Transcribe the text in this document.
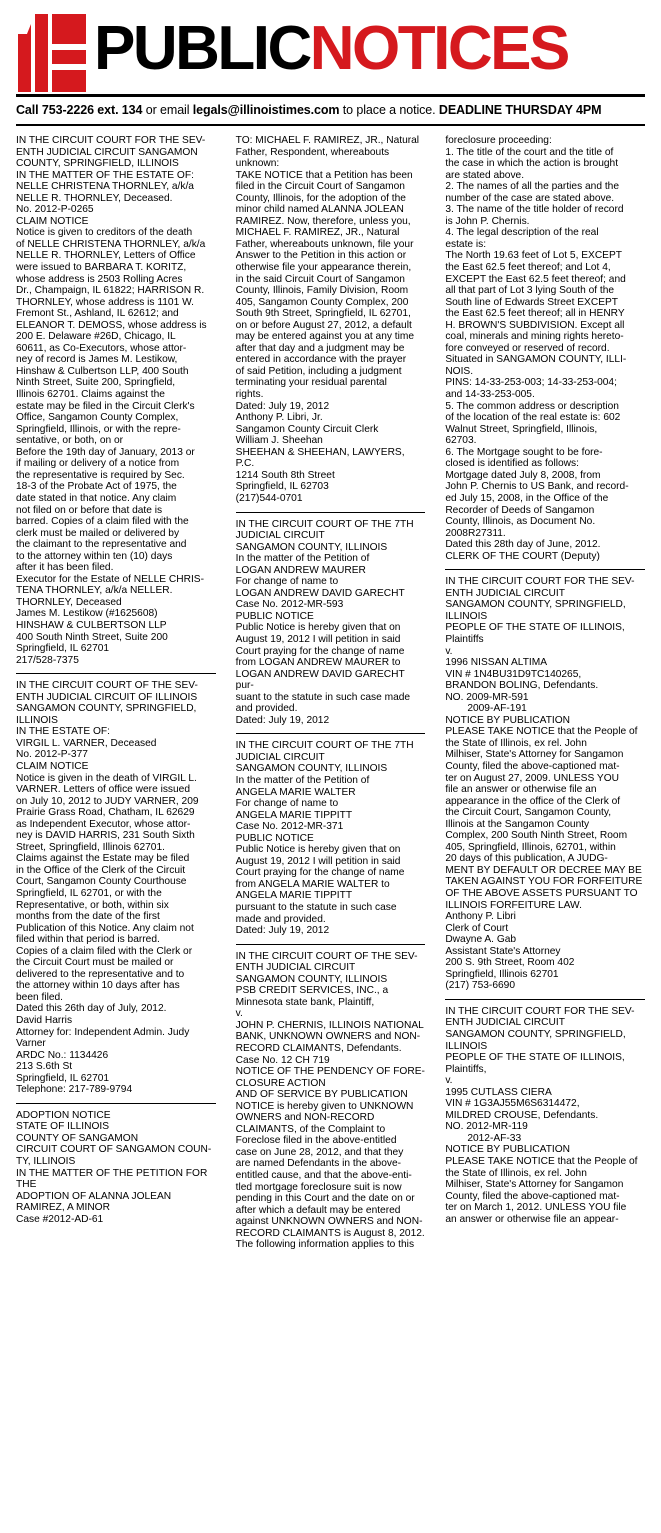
PUBLICNOTICES
Call 753-2226 ext. 134 or email legals@illinoistimes.com to place a notice. DEADLINE THURSDAY 4PM

IN THE CIRCUIT COURT FOR THE SEV-

ENTH JUDICIAL CIRCUIT SANGAMON

COUNTY, SPRINGFIELD, ILLINOIS

IN THE MATTER OF THE ESTATE OF:

NELLE CHRISTENA THORNLEY, a/k/a

NELLE R. THORNLEY, Deceased.

No. 2012-P-0265

CLAIM NOTICE

Notice is given to creditors of the death

of NELLE CHRISTENA THORNLEY, a/k/a

NELLE R. THORNLEY, Letters of Office

were issued to BARBARA T. KORITZ,

whose address is 2503 Rolling Acres

Dr., Champaign, IL 61822; HARRISON R.

THORNLEY, whose address is 1101 W.

Fremont St., Ashland, IL 62612; and

ELEANOR T. DEMOSS, whose address is

200 E. Delaware #26D, Chicago, IL

60611, as Co-Executors, whose attor-

ney of record is James M. Lestikow,

Hinshaw & Culbertson LLP, 400 South

Ninth Street, Suite 200, Springfield,

Illinois 62701. Claims against the

estate may be filed in the Circuit Clerk's

Office, Sangamon County Complex,

Springfield, Illinois, or with the repre-

sentative, or both, on or

Before the 19th day of January, 2013 or

if mailing or delivery of a notice from

the representative is required by Sec.

18-3 of the Probate Act of 1975, the

date stated in that notice. Any claim

not filed on or before that date is

barred. Copies of a claim filed with the

clerk must be mailed or delivered by

the claimant to the representative and

to the attorney within ten (10) days

after it has been filed.

Executor for the Estate of NELLE CHRIS-

TENA THORNLEY, a/k/a NELLER.

THORNLEY, Deceased

James M. Lestikow (#1625608)

HINSHAW & CULBERTSON LLP

400 South Ninth Street, Suite 200

Springfield, IL 62701

217/528-7375

IN THE CIRCUIT COURT OF THE SEV-

ENTH JUDICIAL CIRCUIT OF ILLINOIS

SANGAMON COUNTY, SPRINGFIELD,

ILLINOIS

IN THE ESTATE OF:

VIRGIL L. VARNER, Deceased

No. 2012-P-377

CLAIM NOTICE

Notice is given in the death of VIRGIL L.

VARNER. Letters of office were issued

on July 10, 2012 to JUDY VARNER, 209

Prairie Grass Road, Chatham, IL 62629

as Independent Executor, whose attor-

ney is DAVID HARRIS, 231 South Sixth

Street, Springfield, Illinois 62701.

Claims against the Estate may be filed

in the Office of the Clerk of the Circuit

Court, Sangamon County Courthouse

Springfield, IL 62701, or with the

Representative, or both, within six

months from the date of the first

Publication of this Notice. Any claim not

filed within that period is barred.

Copies of a claim filed with the Clerk or

the Circuit Court must be mailed or

delivered to the representative and to

the attorney within 10 days after has

been filed.

Dated this 26th day of July, 2012.

David Harris

Attorney for: Independent Admin. Judy

Varner

ARDC No.: 1134426

213 S.6th St

Springfield, IL 62701

Telephone: 217-789-9794

ADOPTION NOTICE

STATE OF ILLINOIS

COUNTY OF SANGAMON

CIRCUIT COURT OF SANGAMON COUN-

TY, ILLINOIS

IN THE MATTER OF THE PETITION FOR

THE

ADOPTION OF ALANNA JOLEAN

RAMIREZ, A MINOR

Case #2012-AD-61

TO: MICHAEL F. RAMIREZ, JR., Natural

Father, Respondent, whereabouts

unknown:

TAKE NOTICE that a Petition has been

filed in the Circuit Court of Sangamon

County, Illinois, for the adoption of the

minor child named ALANNA JOLEAN

RAMIREZ. Now, therefore, unless you,

MICHAEL F. RAMIREZ, JR., Natural

Father, whereabouts unknown, file your

Answer to the Petition in this action or

otherwise file your appearance therein,

in the said Circuit Court of Sangamon

County, Illinois, Family Division, Room

405, Sangamon County Complex, 200

South 9th Street, Springfield, IL 62701,

on or before August 27, 2012, a default

may be entered against you at any time

after that day and a judgment may be

entered in accordance with the prayer

of said Petition, including a judgment

terminating your residual parental

rights.

Dated: July 19, 2012

Anthony P. Libri, Jr.

Sangamon County Circuit Clerk

William J. Sheehan

SHEEHAN & SHEEHAN, LAWYERS, P.C.

1214 South 8th Street

Springfield, IL 62703

(217)544-0701

IN THE CIRCUIT COURT OF THE 7TH

JUDICIAL CIRCUIT

SANGAMON COUNTY, ILLINOIS

In the matter of the Petition of

LOGAN ANDREW MAURER

For change of name to

LOGAN ANDREW DAVID GARECHT

Case No. 2012-MR-593

PUBLIC NOTICE

Public Notice is hereby given that on

August 19, 2012 I will petition in said

Court praying for the change of name

from LOGAN ANDREW MAURER to

LOGAN ANDREW DAVID GARECHT pur-

suant to the statute in such case made

and provided.

Dated: July 19, 2012

IN THE CIRCUIT COURT OF THE 7TH

JUDICIAL CIRCUIT

SANGAMON COUNTY, ILLINOIS

In the matter of the Petition of

ANGELA MARIE WALTER

For change of name to

ANGELA MARIE TIPPITT

Case No. 2012-MR-371

PUBLIC NOTICE

Public Notice is hereby given that on

August 19, 2012 I will petition in said

Court praying for the change of name

from ANGELA MARIE WALTER to

ANGELA MARIE TIPPITT

pursuant to the statute in such case

made and provided.

Dated: July 19, 2012

IN THE CIRCUIT COURT OF THE SEV-

ENTH JUDICIAL CIRCUIT

SANGAMON COUNTY, ILLINOIS

PSB CREDIT SERVICES, INC., a

Minnesota state bank, Plaintiff,

v.

JOHN P. CHERNIS, ILLINOIS NATIONAL

BANK, UNKNOWN OWNERS and NON-

RECORD CLAIMANTS, Defendants.

Case No. 12 CH 719

NOTICE OF THE PENDENCY OF FORE-

CLOSURE ACTION

AND OF SERVICE BY PUBLICATION

NOTICE is hereby given to UNKNOWN

OWNERS and NON-RECORD

CLAIMANTS, of the Complaint to

Foreclose filed in the above-entitled

case on June 28, 2012, and that they

are named Defendants in the above-

entitled cause, and that the above-enti-

tled mortgage foreclosure suit is now

pending in this Court and the date on or

after which a default may be entered

against UNKNOWN OWNERS and NON-

RECORD CLAIMANTS is August 8, 2012.

The following information applies to this

foreclosure proceeding:

1. The title of the court and the title of

the case in which the action is brought

are stated above.

2. The names of all the parties and the

number of the case are stated above.

3. The name of the title holder of record

is John P. Chernis.

4. The legal description of the real

estate is:

The North 19.63 feet of Lot 5, EXCEPT

the East 62.5 feet thereof; and Lot 4,

EXCEPT the East 62.5 feet thereof; and

all that part of Lot 3 lying South of the

South line of Edwards Street EXCEPT

the East 62.5 feet thereof; all in HENRY

H. BROWN'S SUBDIVISION. Except all

coal, minerals and mining rights hereto-

fore conveyed or reserved of record.

Situated in SANGAMON COUNTY, ILLI-

NOIS.

PINS: 14-33-253-003; 14-33-253-004;

and 14-33-253-005.

5. The common address or description

of the location of the real estate is: 602

Walnut Street, Springfield, Illinois,

62703.

6. The Mortgage sought to be fore-

closed is identified as follows:

Mortgage dated July 8, 2008, from

John P. Chernis to US Bank, and record-

ed July 15, 2008, in the Office of the

Recorder of Deeds of Sangamon

County, Illinois, as Document No.

2008R27311.

Dated this 28th day of June, 2012.

CLERK OF THE COURT (Deputy)

IN THE CIRCUIT COURT FOR THE SEV-

ENTH JUDICIAL CIRCUIT

SANGAMON COUNTY, SPRINGFIELD,

ILLINOIS

PEOPLE OF THE STATE OF ILLINOIS,

Plaintiffs

v.

1996 NISSAN ALTIMA

VIN # 1N4BU31D9TC140265,

BRANDON BOLING, Defendants.

NO. 2009-MR-591

2009-AF-191

NOTICE BY PUBLICATION

PLEASE TAKE NOTICE that the People of

the State of Illinois, ex rel. John

Milhiser, State's Attorney for Sangamon

County, filed the above-captioned mat-

ter on August 27, 2009. UNLESS YOU

file an answer or otherwise file an

appearance in the office of the Clerk of

the Circuit Court, Sangamon County,

Illinois at the Sangamon County

Complex, 200 South Ninth Street, Room

405, Springfield, Illinois, 62701, within

20 days of this publication, A JUDG-

MENT BY DEFAULT OR DECREE MAY BE

TAKEN AGAINST YOU FOR FORFEITURE

OF THE ABOVE ASSETS PURSUANT TO

ILLINOIS FORFEITURE LAW.

Anthony P. Libri

Clerk of Court

Dwayne A. Gab

Assistant State's Attorney

200 S. 9th Street, Room 402

Springfield, Illinois 62701

(217) 753-6690

IN THE CIRCUIT COURT FOR THE SEV-

ENTH JUDICIAL CIRCUIT

SANGAMON COUNTY, SPRINGFIELD,

ILLINOIS

PEOPLE OF THE STATE OF ILLINOIS,

Plaintiffs,

v.

1995 CUTLASS CIERA

VIN # 1G3AJ55M6S6314472,

MILDRED CROUSE, Defendants.

NO. 2012-MR-119

2012-AF-33

NOTICE BY PUBLICATION

PLEASE TAKE NOTICE that the People of

the State of Illinois, ex rel. John

Milhiser, State's Attorney for Sangamon

County, filed the above-captioned mat-

ter on March 1, 2012. UNLESS YOU file

an answer or otherwise file an appear-
